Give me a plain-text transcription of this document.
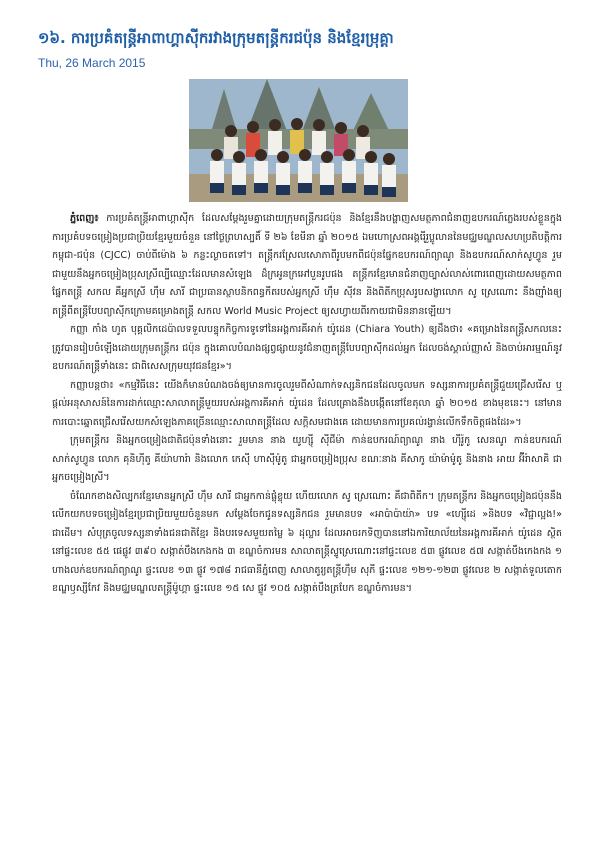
១៦. ការប្រគំតន្ត្រីអាពាហ្គាស៊ីករវាងក្រុមតន្ត្រីករជប៉ុន និងខ្មែរម្រុគ្តា
Thu, 26 March 2015

ភ្នំពេញ៖ ការប្រគំតន្ត្រីអាពាហ្គាស៊ីក ដែលសម្តែងរួមគ្នាដោយក្រុមតន្ត្រីករជប៉ុន និងខ្មែរនឹងបង្ហាញសមត្ថភាពជំនាញឧបករណ៍ភ្លេងរបស់ខ្លួនក្នុង ការប្រគំបទចម្រៀងប្រជាប្រិយខ្មែរមួយចំនួន នៅថ្ងៃព្រហស្បតិ៍ ទី ២៦ ខែមីនា ឆ្នាំ ២០១៥ ឯមហោស្រពអង្គរ៉ើរួប្លូលាននៃមជ្ឈមណ្ឌលសហប្រតិបត្តិការកម្ពុជា-ជប៉ុន (CJCC) ចាប់ពីម៉ោង ៦ កន្លះល្ងាចតទៅ។ តន្ត្រីករស្រែលសោភាពីរូបមកពីជប៉ុនផ្នែកឧបករណ៍ព្យាណូ និងឧបករណ៍សាក់សូហ្វូន រួមជាមួយនឹងអ្នកចម្រៀងប្រុសស្រីល្បីឈ្មោះដែលមានសំឡេង ដ៏ក្រអូនក្រអៅបួនរូបផង តន្ត្រីករខ្មែរមានជំនាញច្បាស់លាស់ពោរពេញដោយសមត្ថភាពផ្នែកតន្ត្រី សកល គឺអ្នកស្រី ហ៊ឹម សារី ជាប្រធានស្ថាបនិកពន្ធកីតរបស់អ្នកស្រី ហ៊ឹម ស៊ីវន និងពិតីកប្រុសរូបសង្ខាលោក សូ ស្រេណោះ នឹងញ៉ាំងឲ្យតន្ត្រីពីតន្ត្រីបែបព្យាស៊ីកក្រោមគម្រោងតន្ត្រី សកល World Music Project ឲ្យសហ្វាយពីរកាយជាមិននានឡើយ។

កញ្ញា កាំង ហូត បុគ្គលិកដេប៉ាលទទួលបន្ទុកកិច្ចការទូទៅនៃអង្គការគីអាក់ យ៉ូដេន (Chiara Youth) ឲ្យដឹងថា៖ «គម្រោងនៃតន្ត្រីសកលនេះត្រូវបានរៀបចំឡើងដោយក្រុមតន្ត្រីករ ជប៉ុន ក្នុងគោលបំណងផ្សព្វផ្សាយនូវជំនាញតន្ត្រីបែបព្យាស៊ីកដល់អ្នក ដែលចង់ស្គាល់ញ្ញាសំ និងចាប់អារម្មណ៍នូវឧបករណ៍តន្ត្រីទាំងនេះ ជាពិសេសក្រុមយុវជនខ្មែរ»។

កញ្ញាបន្តថា៖ «កម្មវិធីនេះ យើងក៏មានបំណងចង់ឲ្យមានការចូលរួមពីសំណាក់ទស្សនិកជនដែលចូលមក ទស្សនាការប្រគំតន្ត្រីជួយជ្រើសរើស ឬផ្តល់អនុសាសន៍នៃការដាក់ឈ្មោះសាលាតន្ត្រីមួយរបស់អង្គការគីអាក់ យ៉ូដេន ដែលគ្រោងនឹងបង្កើតនៅខែតុលា ឆ្នាំ ២០១៥ ខាងមុខនេះ។ នៅមានការបោះឆ្នោតជ្រើសរើសយកសំឡេងភាគច្រើនឈ្មោះសាលាតន្ត្រីដែល សក្តិសមជាងគេ ដោយមានការប្រគល់រង្វាន់លើកទឹកចិត្តផងដែរ»។

ក្រុមតន្ត្រីករ និងអ្នកចម្រៀងជាតិជប៉ុនទាំងនោះ រួមមាន នាង យូហ្ស៊ី ស៊ីជីម៉ា កាន់ឧបករណ៍ព្យាណូ នាង ហ៊ីរ៉ូកូ សេនណូ កាន់ឧបករណ៍សាក់សូហ្វូន លោក គុនិហ៊ីតូ គីយ៉ាហារ៉ា និងលោក កេស៊ី ហាស៊ីម៉ូតូ ជាអ្នកចម្រៀងប្រុស ខណៈនាង គីសាកូ យ៉ាម៉ាម៉ូតូ និងនាង អាយ អ៊ីរ៉ាសាគិ ជាអ្នកចម្រៀងស្រី។

ចំណែកខាងសិល្បករខ្មែរមានអ្នកស្រី ហ៊ឹម សារី ជាអ្នកកាន់ផ្លុំខ្លុយ ហើយលោក សូ ស្រេណោះ គឺជាពិតីក។ ក្រុមតន្ត្រីករ និងអ្នកចម្រៀងជប៉ុននឹងលើកយកបទចម្រៀងខ្មែរប្រជាប្រិយមួយចំនួនមក សម្តែងចែកជូនទស្សនិកជន រួមមានបទ «អាប៉ាប៉ាយ៉ា» បទ «ហ្ស៊ើដេ »និងបទ «វិជ្ជាល្អង!» ជាដើម។ សំបុត្រចូលទស្សនាទាំងជនជាតិខ្មែរ និងបរទេសមួយតម្លៃ ៦ ដុល្លារ ដែលអាចរកទិញបាននៅឯការិយាល័យនៃអង្គការគីអាក់ យ៉ូដេន ស្ថិតនៅផ្ទះលេខ ៥៥ ផេផ្លូវ ៣៩០ សង្កាត់បឹងកេងកង ៣ ខណ្ឌចំការមន សាលាតន្ត្រីស្ទូស្រេណោះនៅផ្ទះលេខ ៥៣ ផ្លូវលេខ ៥៧ សង្កាត់បឹងកេងកង ១ ហាងលក់ឧបករណ៍ព្យាណូ ផ្ទះលេខ ១៣ ផ្លូវ ១៧៨ រាជធានីភ្នំពេញ សាលាតូរ្យតន្ត្រីហ៊ឹម សុភី ផ្ទះលេខ ១២១-១២៣ ផ្លូវលេខ ២ សង្កាត់ទួលតោក ខណ្ឌឫស្សីកែវ និងមជ្ឈមណ្ឌលតន្ត្រីម៉ូហ្គា ផ្ទះលេខ ១៥ សេ ផ្លូវ ១០៥ សង្កាត់បឹងត្របែក ខណ្ឌចំការមន។
